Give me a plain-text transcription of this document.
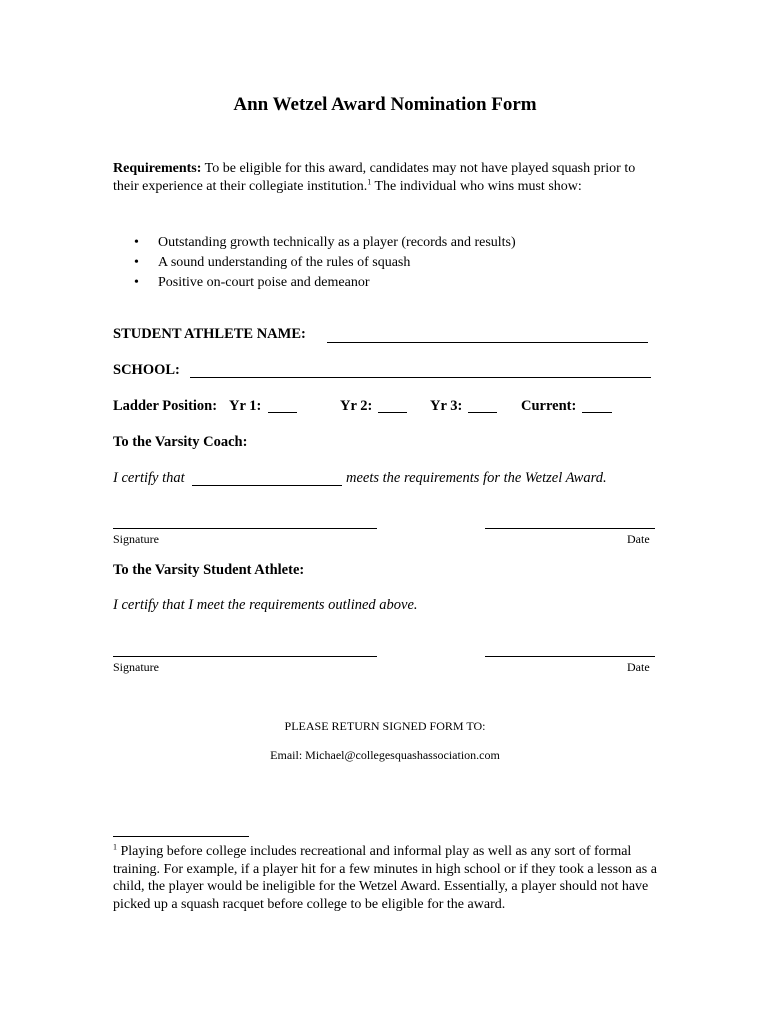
Ann Wetzel Award Nomination Form
Requirements: To be eligible for this award, candidates may not have played squash prior to their experience at their collegiate institution.$^1$ The individual who wins must show:
• Outstanding growth technically as a player (records and results)
• A sound understanding of the rules of squash
• Positive on-court poise and demeanor
STUDENT ATHLETE NAME:
SCHOOL:
Ladder Position: Yr 1:	Yr 2:	Yr 3:	Current:
To the Varsity Coach:
I certify that	meets the requirements for the Wetzel Award.
Signature	Date
To the Varsity Student Athlete:
I certify that I meet the requirements outlined above.
Signature	Date
PLEASE RETURN SIGNED FORM TO:
Email: Michael@collegesquashassociation.com
$^1$ Playing before college includes recreational and informal play as well as any sort of formal training. For example, if a player hit for a few minutes in high school or if they took a lesson as a child, the player would be ineligible for the Wetzel Award. Essentially, a player should not have picked up a squash racquet before college to be eligible for the award.
